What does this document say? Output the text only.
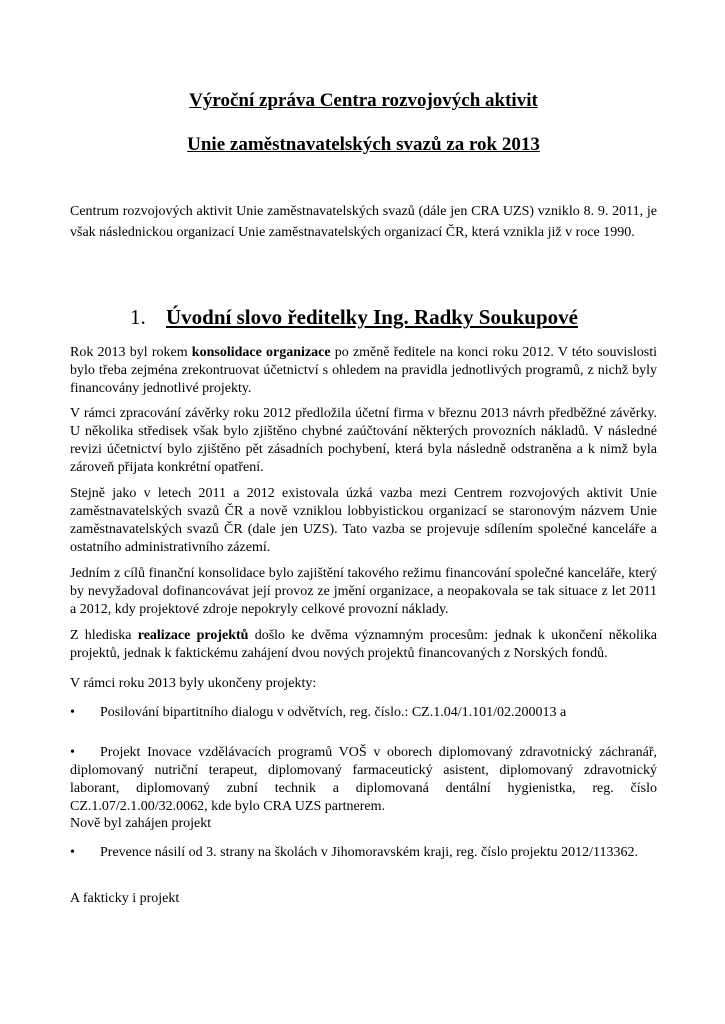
Výroční zpráva Centra rozvojových aktivit
Unie zaměstnavatelských svazů za rok 2013

Centrum rozvojových aktivit Unie zaměstnavatelských svazů (dále jen CRA UZS) vzniklo 8. 9. 2011, je však následnickou organizací Unie zaměstnavatelských organizací ČR, která vznikla již v roce 1990.

1. Úvodní slovo ředitelky Ing. Radky Soukupové

Rok 2013 byl rokem konsolidace organizace po změně ředitele na konci roku 2012. V této souvislosti bylo třeba zejména zrekontruovat účetnictví s ohledem na pravidla jednotlivých programů, z nichž byly financovány jednotlivé projekty.

V rámci zpracování závěrky roku 2012 předložila účetní firma v březnu 2013 návrh předběžné závěrky. U několika středisek však bylo zjištěno chybné zaúčtování některých provozních nákladů. V následné revizi účetnictví bylo zjištěno pět zásadních pochybení, která byla následně odstraněna a k nimž byla zároveň přijata konkrétní opatření.

Stejně jako v letech 2011 a 2012 existovala úzká vazba mezi Centrem rozvojových aktivit Unie zaměstnavatelských svazů ČR a nově vzniklou lobbyistickou organizací se staronovým názvem Unie zaměstnavatelských svazů ČR (dale jen UZS). Tato vazba se projevuje sdílením společné kanceláře a ostatního administrativního zázemí.

Jedním z cílů finanční konsolidace bylo zajištění takového režimu financování společné kanceláře, který by nevyžadoval dofinancovávat její provoz ze jmění organizace, a neopakovala se tak situace z let 2011 a 2012, kdy projektové zdroje nepokryly celkové provozní náklady.

Z hlediska realizace projektů došlo ke dvěma významným procesům: jednak k ukončení několika projektů, jednak k faktickému zahájení dvou nových projektů financovaných z Norských fondů.

V rámci roku 2013 byly ukončeny projekty:

• Posilování bipartitního dialogu v odvětvích, reg. číslo.: CZ.1.04/1.101/02.200013 a

• Projekt Inovace vzdělávacích programů VOŠ v oborech diplomovaný zdravotnický záchranář, diplomovaný nutriční terapeut, diplomovaný farmaceutický asistent, diplomovaný zdravotnický laborant, diplomovaný zubní technik a diplomovaná dentální hygienistka, reg. číslo CZ.1.07/2.1.00/32.0062, kde bylo CRA UZS partnerem.

Nově byl zahájen projekt

• Prevence násilí od 3. strany na školách v Jihomoravském kraji, reg. číslo projektu 2012/113362.

A fakticky i projekt
